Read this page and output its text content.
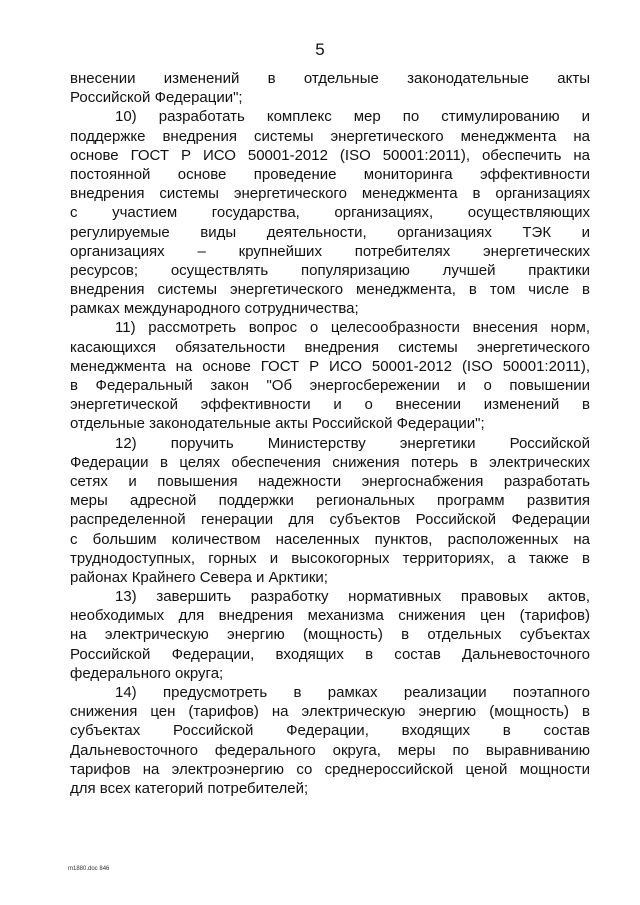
5
внесении изменений в отдельные законодательные акты
Российской Федерации";
10) разработать комплекс мер по стимулированию и
поддержке внедрения системы энергетического менеджмента на
основе ГОСТ Р ИСО 50001-2012 (ISO 50001:2011), обеспечить на
постоянной основе проведение мониторинга эффективности
внедрения системы энергетического менеджмента в организациях
с участием государства, организациях, осуществляющих
регулируемые виды деятельности, организациях ТЭК и
организациях – крупнейших потребителях энергетических
ресурсов; осуществлять популяризацию лучшей практики
внедрения системы энергетического менеджмента, в том числе в
рамках международного сотрудничества;
11) рассмотреть вопрос о целесообразности внесения норм,
касающихся обязательности внедрения системы энергетического
менеджмента на основе ГОСТ Р ИСО 50001-2012 (ISO 50001:2011),
в Федеральный закон "Об энергосбережении и о повышении
энергетической эффективности и о внесении изменений в
отдельные законодательные акты Российской Федерации";
12) поручить Министерству энергетики Российской
Федерации в целях обеспечения снижения потерь в электрических
сетях и повышения надежности энергоснабжения разработать
меры адресной поддержки региональных программ развития
распределенной генерации для субъектов Российской Федерации
с большим количеством населенных пунктов, расположенных на
труднодоступных, горных и высокогорных территориях, а также в
районах Крайнего Севера и Арктики;
13) завершить разработку нормативных правовых актов,
необходимых для внедрения механизма снижения цен (тарифов)
на электрическую энергию (мощность) в отдельных субъектах
Российской Федерации, входящих в состав Дальневосточного
федерального округа;
14) предусмотреть в рамках реализации поэтапного
снижения цен (тарифов) на электрическую энергию (мощность) в
субъектах Российской Федерации, входящих в состав
Дальневосточного федерального округа, меры по выравниванию
тарифов на электроэнергию со среднероссийской ценой мощности
для всех категорий потребителей;
m1880.doc 846
